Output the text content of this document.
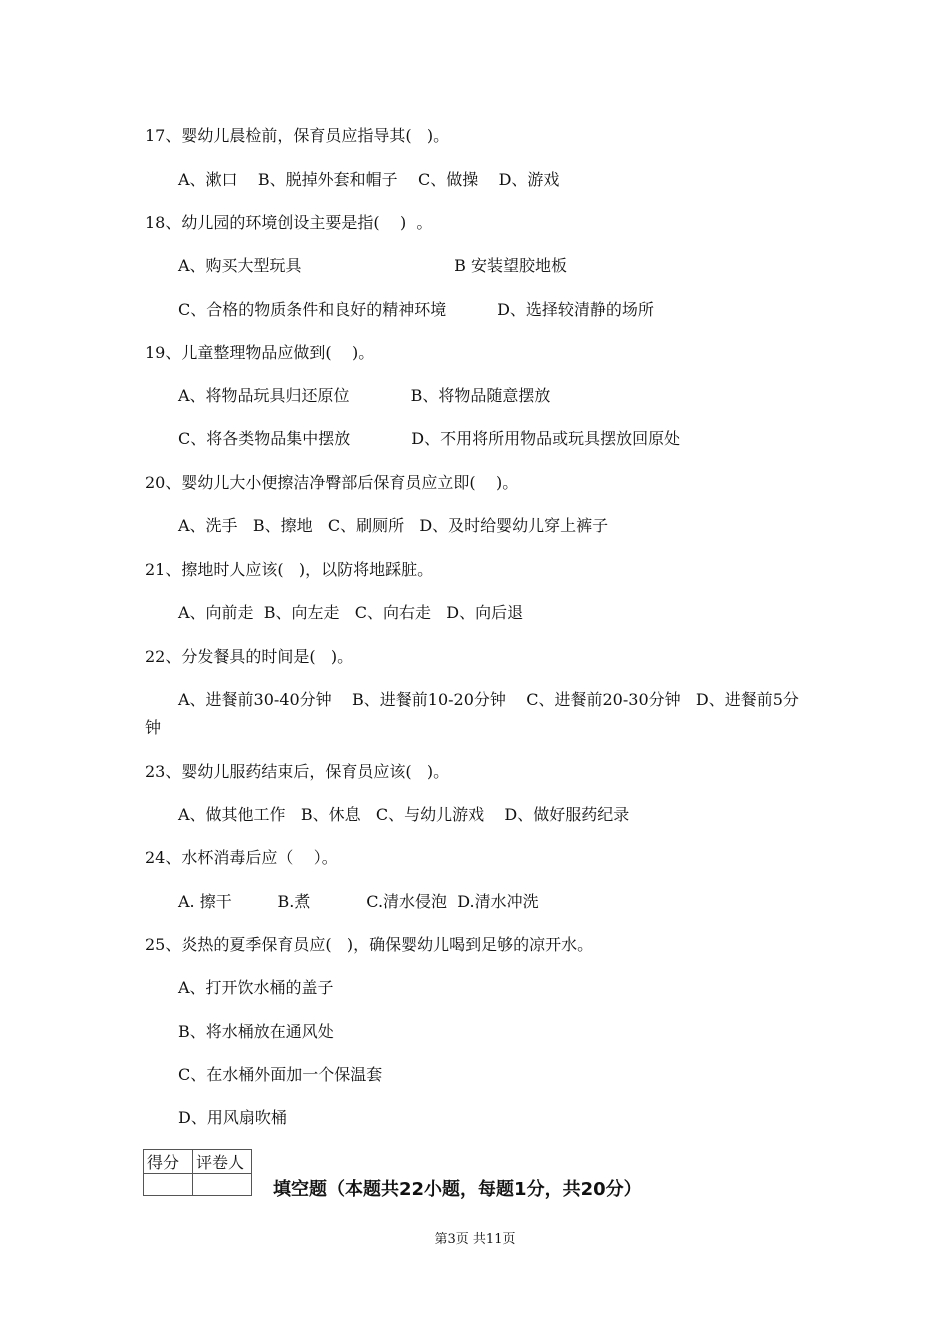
17、婴幼儿晨检前，保育员应指导其(   )。
A、漱口    B、脱掉外套和帽子    C、做操    D、游戏
18、幼儿园的环境创设主要是指(    )  。
A、购买大型玩具                              B 安装望胶地板
C、合格的物质条件和良好的精神环境          D、选择较清静的场所
19、儿童整理物品应做到(    )。
A、将物品玩具归还原位            B、将物品随意摆放
C、将各类物品集中摆放            D、不用将所用物品或玩具摆放回原处
20、婴幼儿大小便擦洁净臀部后保育员应立即(    )。
A、洗手   B、擦地   C、刷厕所   D、及时给婴幼儿穿上裤子
21、擦地时人应该(   )，以防将地踩脏。
A、向前走  B、向左走   C、向右走   D、向后退
22、分发餐具的时间是(   )。
A、进餐前30-40分钟    B、进餐前10-20分钟    C、进餐前20-30分钟   D、进餐前5分
钟
23、婴幼儿服药结束后，保育员应该(   )。
A、做其他工作   B、休息   C、与幼儿游戏    D、做好服药纪录
24、水杯消毒后应（    ）。
A. 擦干         B.煮           C.清水侵泡  D.清水冲洗
25、炎热的夏季保育员应(   )，确保婴幼儿喝到足够的凉开水。
A、打开饮水桶的盖子
B、将水桶放在通风处
C、在水桶外面加一个保温套
D、用风扇吹桶
得分	评卷人

填空题（本题共22小题，每题1分，共20分）
第3页 共11页
